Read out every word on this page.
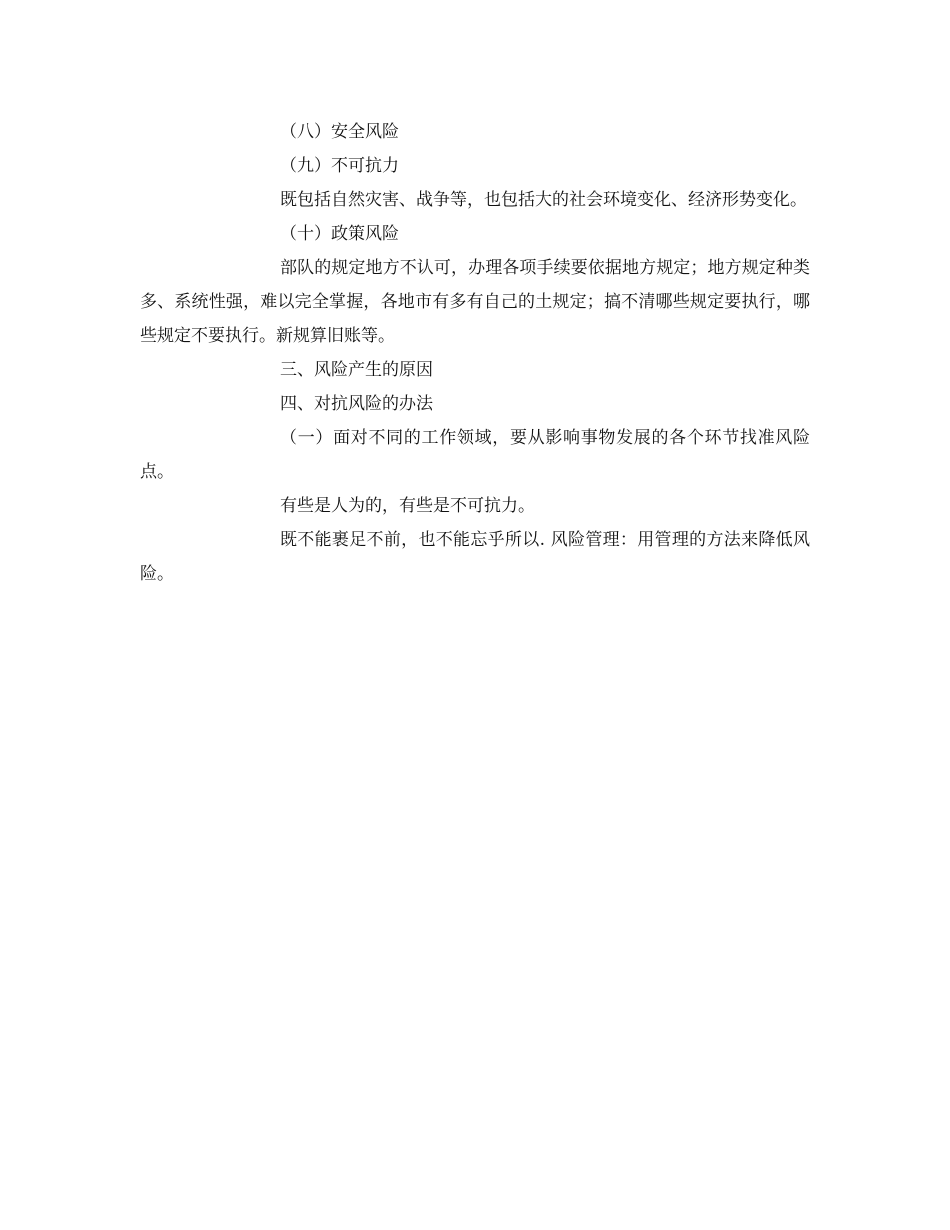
（八）安全风险

（九）不可抗力

既包括自然灾害、战争等，也包括大的社会环境变化、经济形势变化。

（十）政策风险

部队的规定地方不认可，办理各项手续要依据地方规定；地方规定种类多、系统性强，难以完全掌握，各地市有多有自己的土规定；搞不清哪些规定要执行，哪些规定不要执行。新规算旧账等。

三、风险产生的原因

四、对抗风险的办法

（一）面对不同的工作领域，要从影响事物发展的各个环节找准风险点。

有些是人为的，有些是不可抗力。

既不能裹足不前，也不能忘乎所以. 风险管理：用管理的方法来降低风险。
